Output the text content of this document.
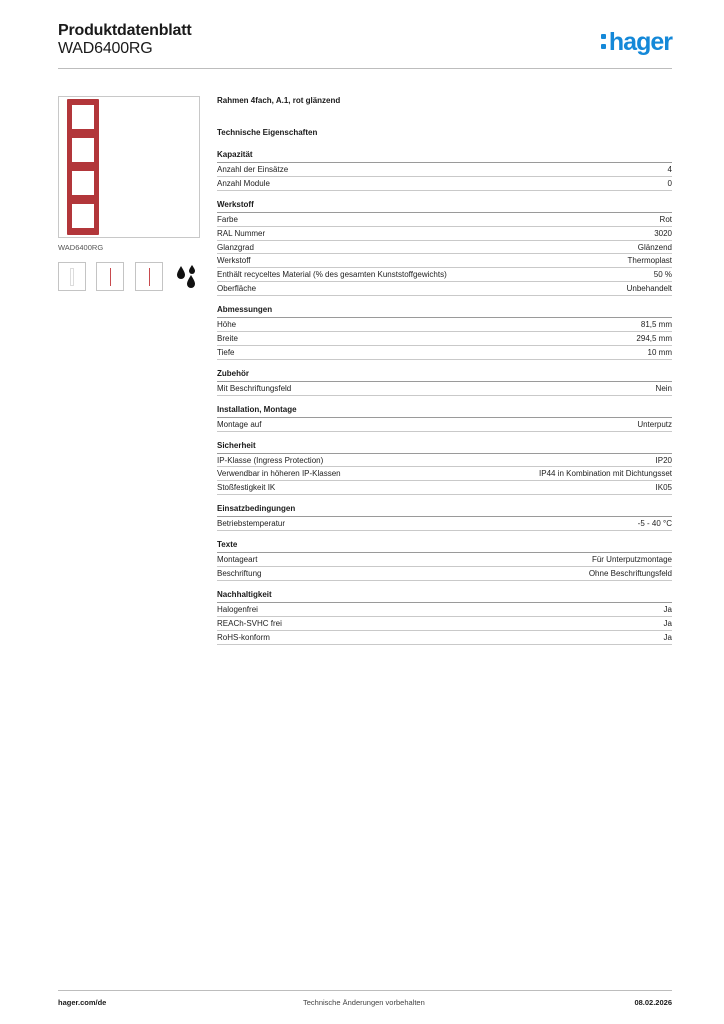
Produktdatenblatt
WAD6400RG	hager
WAD6400RG
Rahmen 4fach, A.1, rot glänzend
Technische Eigenschaften
Kapazität
Anzahl der Einsätze	4
Anzahl Module	0
Werkstoff
Farbe	Rot
RAL Nummer	3020
Glanzgrad	Glänzend
Werkstoff	Thermoplast
Enthält recyceltes Material (% des gesamten Kunststoffgewichts)	50 %
Oberfläche	Unbehandelt
Abmessungen
Höhe	81,5 mm
Breite	294,5 mm
Tiefe	10 mm
Zubehör
Mit Beschriftungsfeld	Nein
Installation, Montage
Montage auf	Unterputz
Sicherheit
IP-Klasse (Ingress Protection)	IP20
Verwendbar in höheren IP-Klassen	IP44 in Kombination mit Dichtungsset
Stoßfestigkeit IK	IK05
Einsatzbedingungen
Betriebstemperatur	-5 - 40 °C
Texte
Montageart	Für Unterputzmontage
Beschriftung	Ohne Beschriftungsfeld
Nachhaltigkeit
Halogenfrei	Ja
REACh-SVHC frei	Ja
RoHS-konform	Ja
hager.com/de	Technische Änderungen vorbehalten	08.02.2026
